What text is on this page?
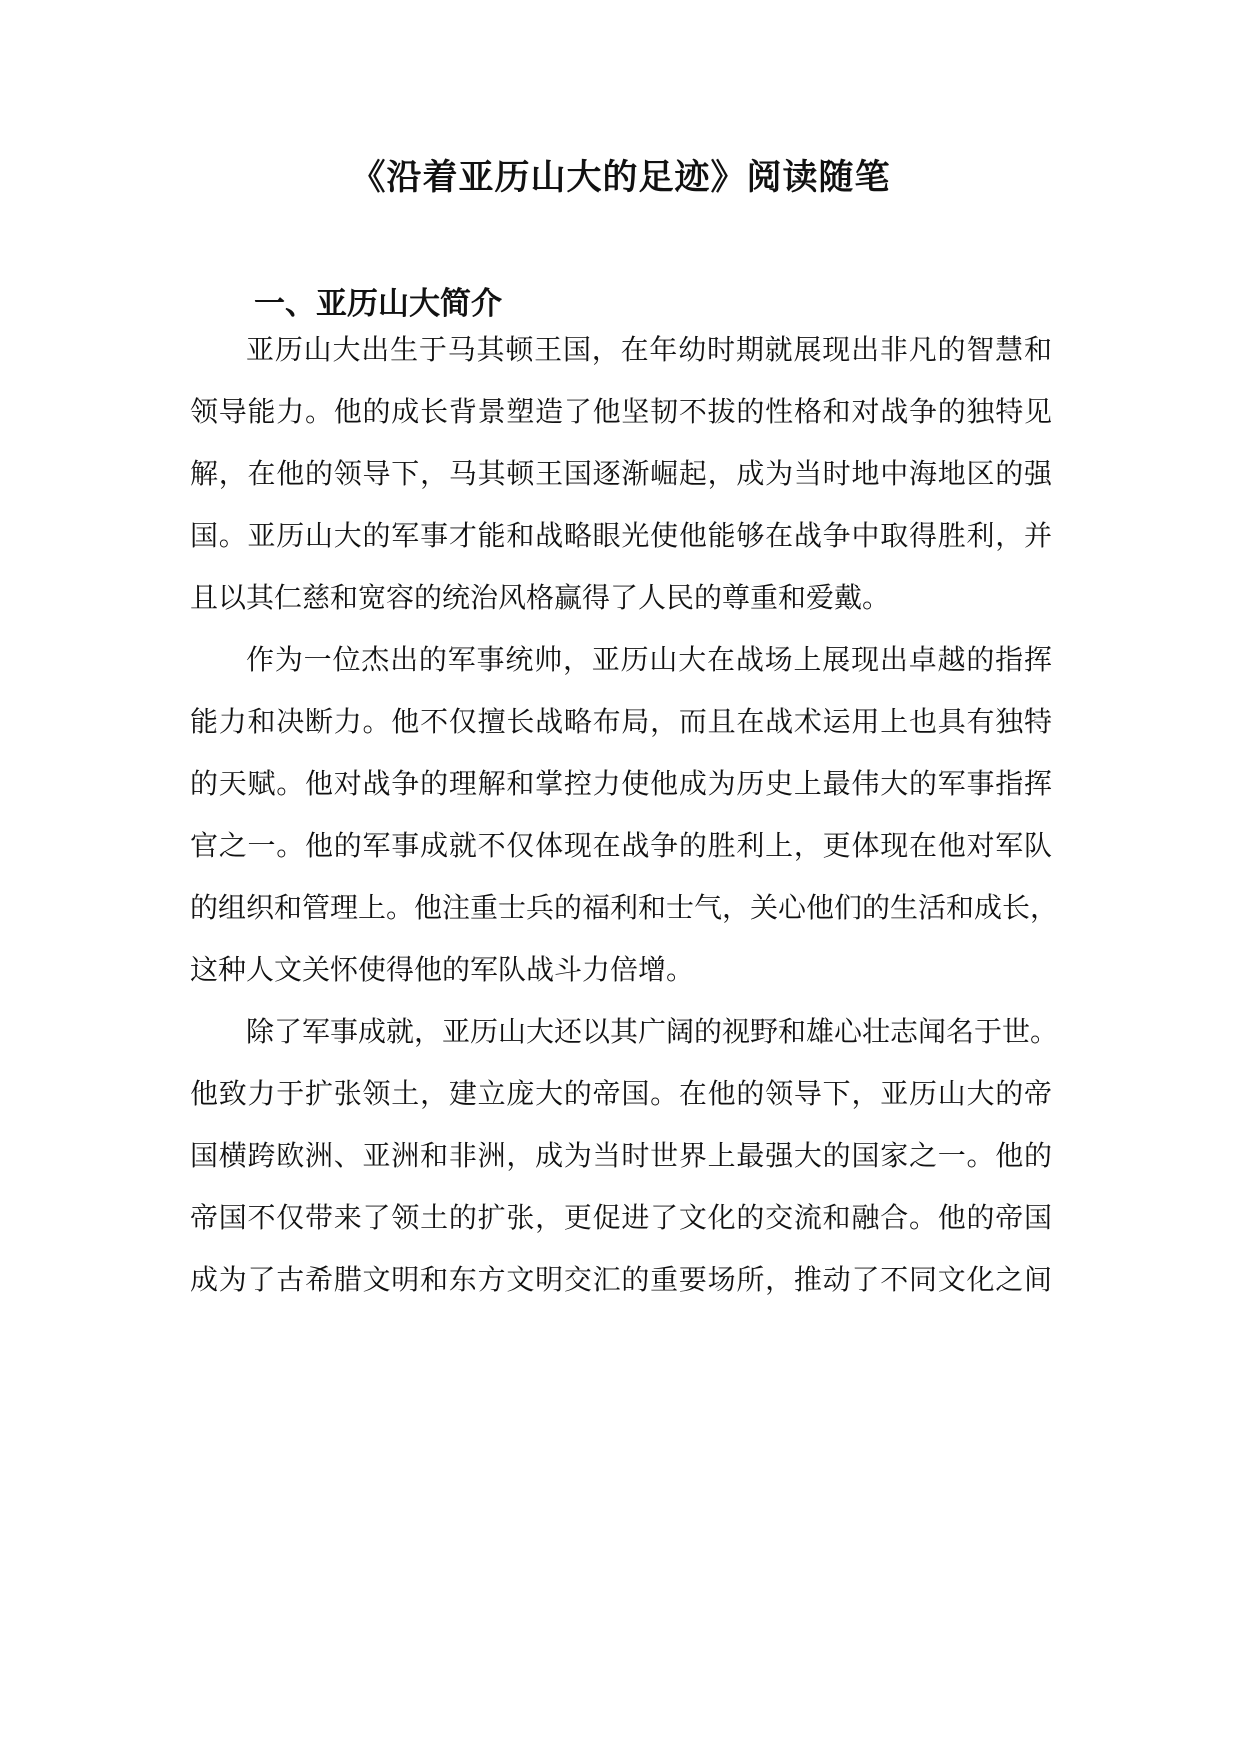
《沿着亚历山大的足迹》阅读随笔
一、亚历山大简介
亚历山大出生于马其顿王国，在年幼时期就展现出非凡的智慧和
领导能力。他的成长背景塑造了他坚韧不拔的性格和对战争的独特见
解，在他的领导下，马其顿王国逐渐崛起，成为当时地中海地区的强
国。亚历山大的军事才能和战略眼光使他能够在战争中取得胜利，并
且以其仁慈和宽容的统治风格赢得了人民的尊重和爱戴。
作为一位杰出的军事统帅，亚历山大在战场上展现出卓越的指挥
能力和决断力。他不仅擅长战略布局，而且在战术运用上也具有独特
的天赋。他对战争的理解和掌控力使他成为历史上最伟大的军事指挥
官之一。他的军事成就不仅体现在战争的胜利上，更体现在他对军队
的组织和管理上。他注重士兵的福利和士气，关心他们的生活和成长，
这种人文关怀使得他的军队战斗力倍增。
除了军事成就，亚历山大还以其广阔的视野和雄心壮志闻名于世。
他致力于扩张领土，建立庞大的帝国。在他的领导下，亚历山大的帝
国横跨欧洲、亚洲和非洲，成为当时世界上最强大的国家之一。他的
帝国不仅带来了领土的扩张，更促进了文化的交流和融合。他的帝国
成为了古希腊文明和东方文明交汇的重要场所，推动了不同文化之间
